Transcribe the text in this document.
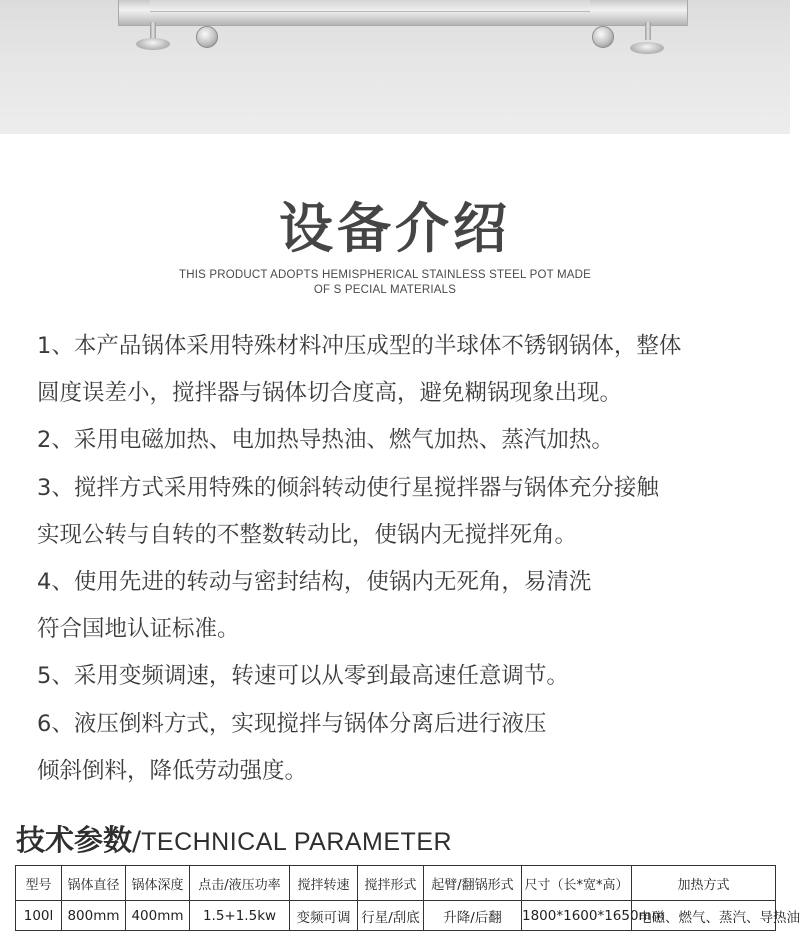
设备介绍
THIS PRODUCT ADOPTS HEMISPHERICAL STAINLESS STEEL POT MADE OF S PECIAL MATERIALS
1、本产品锅体采用特殊材料冲压成型的半球体不锈钢锅体，整体
圆度误差小，搅拌器与锅体切合度高，避免糊锅现象出现。
2、采用电磁加热、电加热导热油、燃气加热、蒸汽加热。
3、搅拌方式采用特殊的倾斜转动使行星搅拌器与锅体充分接触
实现公转与自转的不整数转动比，使锅内无搅拌死角。
4、使用先进的转动与密封结构，使锅内无死角，易清洗
符合国地认证标准。
5、采用变频调速，转速可以从零到最高速任意调节。
6、液压倒料方式，实现搅拌与锅体分离后进行液压
倾斜倒料，降低劳动强度。
技术参数/TECHNICAL PARAMETER
型号	锅体直径	锅体深度	点击/液压功率	搅拌转速	搅拌形式	起臂/翻锅形式	尺寸（长*宽*高）	加热方式
100l	800mm	400mm	1.5+1.5kw	变频可调	行星/刮底	升降/后翻	1800*1600*1650mm	电磁、燃气、蒸汽、导热油
